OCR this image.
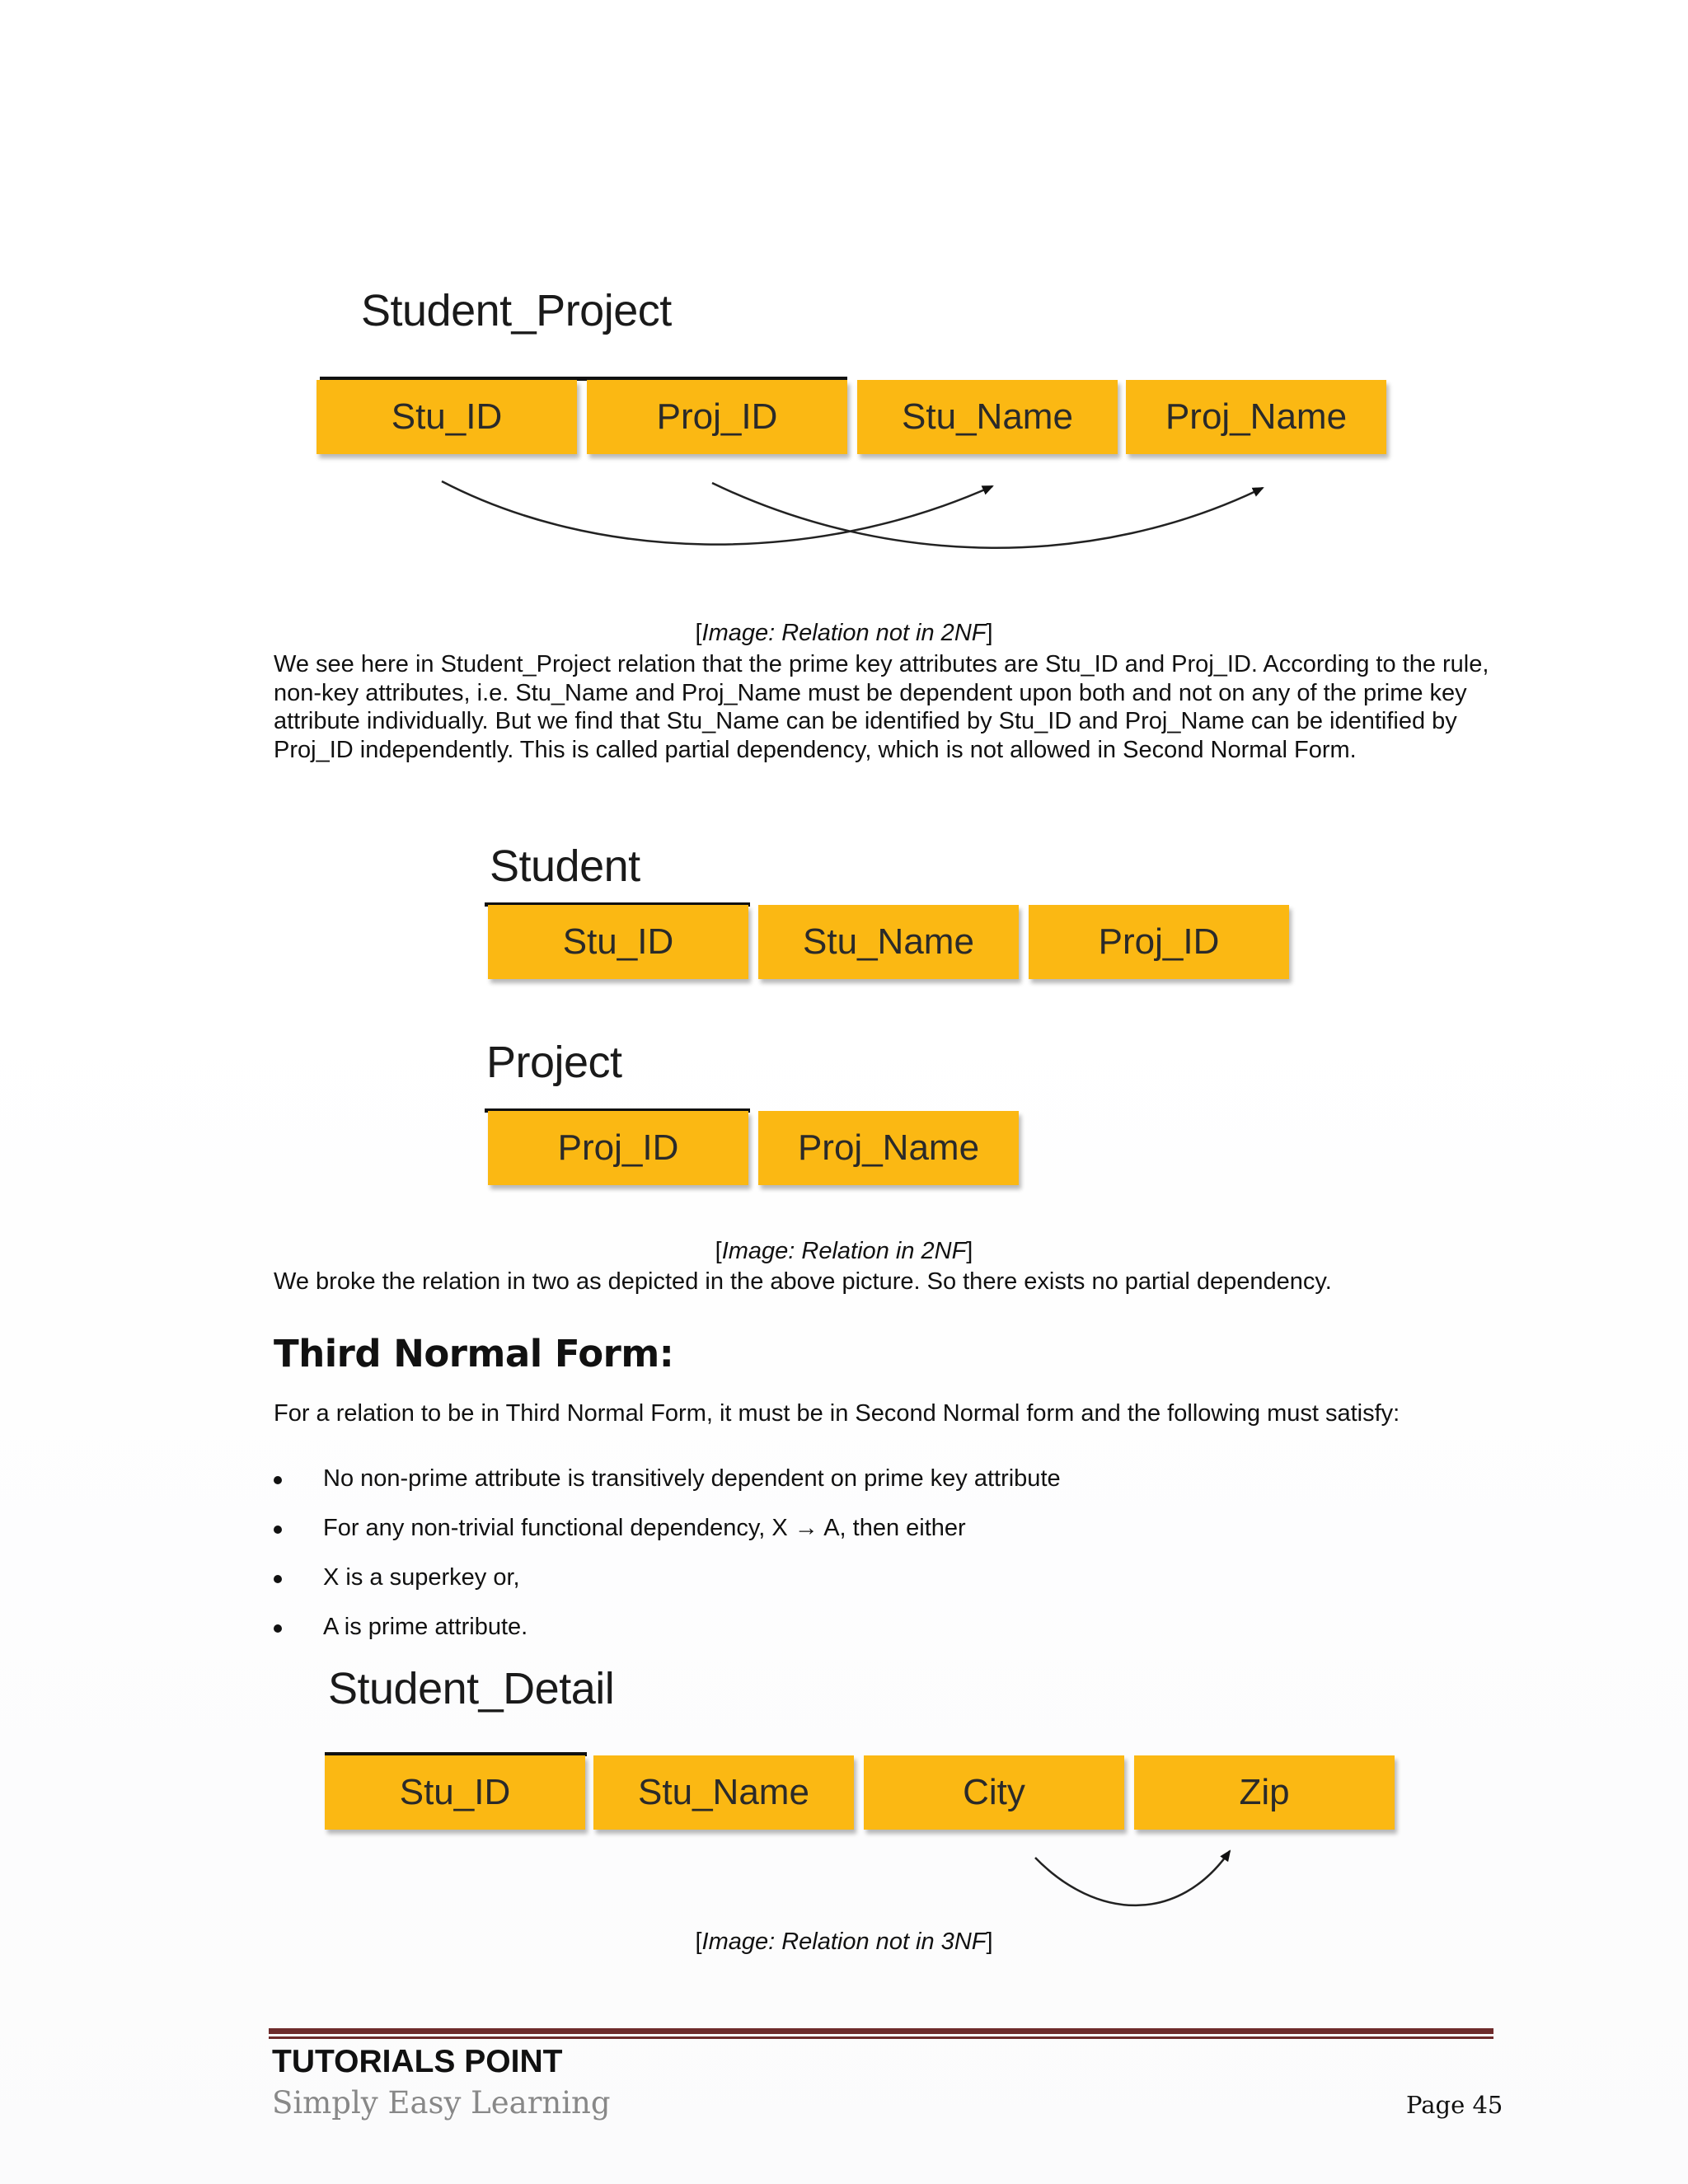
Student_Project
Stu_ID	Proj_ID	Stu_Name	Proj_Name
[Image: Relation not in 2NF]
We see here in Student_Project relation that the prime key attributes are Stu_ID and Proj_ID. According to the rule, non-key attributes, i.e. Stu_Name and Proj_Name must be dependent upon both and not on any of the prime key attribute individually. But we find that Stu_Name can be identified by Stu_ID and Proj_Name can be identified by Proj_ID independently. This is called partial dependency, which is not allowed in Second Normal Form.
Student
Stu_ID	Stu_Name	Proj_ID
Project
Proj_ID	Proj_Name
[Image: Relation in 2NF]
We broke the relation in two as depicted in the above picture. So there exists no partial dependency.
Third Normal Form:
For a relation to be in Third Normal Form, it must be in Second Normal form and the following must satisfy:
No non-prime attribute is transitively dependent on prime key attribute
For any non-trivial functional dependency, X → A, then either
X is a superkey or,
A is prime attribute.
Student_Detail
Stu_ID	Stu_Name	City	Zip
[Image: Relation not in 3NF]
TUTORIALS POINT
Simply Easy Learning	Page 45
